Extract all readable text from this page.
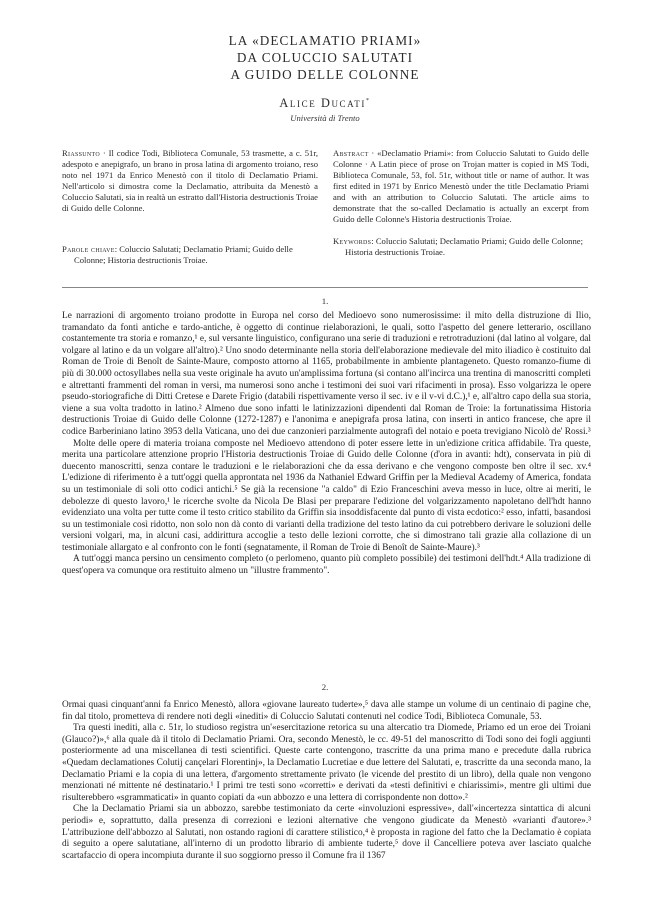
LA «DECLAMATIO PRIAMI»
DA COLUCCIO SALUTATI
A GUIDO DELLE COLONNE
Alice Ducati*
Università di Trento
Riassunto · Il codice Todi, Biblioteca Comunale, 53 trasmette, a c. 51r, adespoto e anepigrafo, un brano in prosa latina di argomento troiano, reso noto nel 1971 da Enrico Menestò con il titolo di Declamatio Priami. Nell'articolo si dimostra come la Declamatio, attribuita da Menestò a Coluccio Salutati, sia in realtà un estratto dall'Historia destructionis Troiae di Guido delle Colonne.
Parole chiave: Coluccio Salutati; Declamatio Priami; Guido delle Colonne; Historia destructionis Troiae.
Abstract · «Declamatio Priami»: from Coluccio Salutati to Guido delle Colonne · A Latin piece of prose on Trojan matter is copied in MS Todi, Biblioteca Comunale, 53, fol. 51r, without title or name of author. It was first edited in 1971 by Enrico Menestò under the title Declamatio Priami and with an attribution to Coluccio Salutati. The article aims to demonstrate that the so-called Declamatio is actually an excerpt from Guido delle Colonne's Historia destructionis Troiae.
Keywords: Coluccio Salutati; Declamatio Priami; Guido delle Colonne; Historia destructionis Troiae.
1.

Le narrazioni di argomento troiano prodotte in Europa nel corso del Medioevo sono numerosissime: il mito della distruzione di Ilio, tramandato da fonti antiche e tardo-antiche, è oggetto di continue rielaborazioni, le quali, sotto l'aspetto del genere letterario, oscillano costantemente tra storia e romanzo,¹ e, sul versante linguistico, configurano una serie di traduzioni e retrotraduzioni (dal latino al volgare, dal volgare al latino e da un volgare all'altro).² Uno snodo determinante nella storia dell'elaborazione medievale del mito iliadico è costituito dal Roman de Troie di Benoît de Sainte-Maure, composto attorno al 1165, probabilmente in ambiente plantageneto. Questo romanzo-fiume di più di 30.000 octosyllabes nella sua veste originale ha avuto un'amplissima fortuna (si contano all'incirca una trentina di manoscritti completi e altrettanti frammenti del roman in versi, ma numerosi sono anche i testimoni dei suoi vari rifacimenti in prosa). Esso volgarizza le opere pseudo-storiografiche di Ditti Cretese e Darete Frigio (databili rispettivamente verso il sec. iv e il v-vi d.C.),¹ e, all'altro capo della sua storia, viene a sua volta tradotto in latino.² Almeno due sono infatti le latinizzazioni dipendenti dal Roman de Troie: la fortunatissima Historia destructionis Troiae di Guido delle Colonne (1272-1287) e l'anonima e anepigrafa prosa latina, con inserti in antico francese, che apre il codice Barberiniano latino 3953 della Vaticana, uno dei due canzonieri parzialmente autografi del notaio e poeta trevigiano Nicolò de' Rossi.³

Molte delle opere di materia troiana composte nel Medioevo attendono di poter essere lette in un'edizione critica affidabile. Tra queste, merita una particolare attenzione proprio l'Historia destructionis Troiae di Guido delle Colonne (d'ora in avanti: hdt), conservata in più di duecento manoscritti, senza contare le traduzioni e le rielaborazioni che da essa derivano e che vengono composte ben oltre il sec. xv.⁴ L'edizione di riferimento è a tutt'oggi quella approntata nel 1936 da Nathaniel Edward Griffin per la Medieval Academy of America, fondata su un testimoniale di soli otto codici antichi.⁵ Se già la recensione "a caldo" di Ezio Franceschini aveva messo in luce, oltre ai meriti, le debolezze di questo lavoro,¹ le ricerche svolte da Nicola De Blasi per preparare l'edizione del volgarizzamento napoletano dell'hdt hanno evidenziato una volta per tutte come il testo critico stabilito da Griffin sia insoddisfacente dal punto di vista ecdotico:² esso, infatti, basandosi su un testimoniale così ridotto, non solo non dà conto di varianti della tradizione del testo latino da cui potrebbero derivare le soluzioni delle versioni volgari, ma, in alcuni casi, addirittura accoglie a testo delle lezioni corrotte, che si dimostrano tali grazie alla collazione di un testimoniale allargato e al confronto con le fonti (segnatamente, il Roman de Troie di Benoît de Sainte-Maure).³

A tutt'oggi manca persino un censimento completo (o perlomeno, quanto più completo possibile) dei testimoni dell'hdt.⁴ Alla tradizione di quest'opera va comunque ora restituito almeno un "illustre frammento".

2.

Ormai quasi cinquant'anni fa Enrico Menestò, allora «giovane laureato tuderte»,⁵ dava alle stampe un volume di un centinaio di pagine che, fin dal titolo, prometteva di rendere noti degli «inediti» di Coluccio Salutati contenuti nel codice Todi, Biblioteca Comunale, 53.

Tra questi inediti, alla c. 51r, lo studioso registra un'«esercitazione retorica su una altercatio tra Diomede, Priamo ed un eroe dei Troiani (Glauco?)»,⁶ alla quale dà il titolo di Declamatio Priami. Ora, secondo Menestò, le cc. 49-51 del manoscritto di Todi sono dei fogli aggiunti posteriormente ad una miscellanea di testi scientifici. Queste carte contengono, trascritte da una prima mano e precedute dalla rubrica «Quedam declamationes Colutij cançelari Florentinj», la Declamatio Lucretiae e due lettere del Salutati, e, trascritte da una seconda mano, la Declamatio Priami e la copia di una lettera, d'argomento strettamente privato (le vicende del prestito di un libro), della quale non vengono menzionati né mittente né destinatario.¹ I primi tre testi sono «corretti» e derivati da «testi definitivi e chiarissimi», mentre gli ultimi due risulterebbero «sgrammaticati» in quanto copiati da «un abbozzo e una lettera di corrispondente non dotto».²

Che la Declamatio Priami sia un abbozzo, sarebbe testimoniato da certe «involuzioni espressive», dall'«incertezza sintattica di alcuni periodi» e, soprattutto, dalla presenza di correzioni e lezioni alternative che vengono giudicate da Menestò «varianti d'autore».³ L'attribuzione dell'abbozzo al Salutati, non ostando ragioni di carattere stilistico,⁴ è proposta in ragione del fatto che la Declamatio è copiata di seguito a opere salutatiane, all'interno di un prodotto librario di ambiente tuderte,⁵ dove il Cancelliere poteva aver lasciato qualche scartafaccio di opera incompiuta durante il suo soggiorno presso il Comune fra il 1367
